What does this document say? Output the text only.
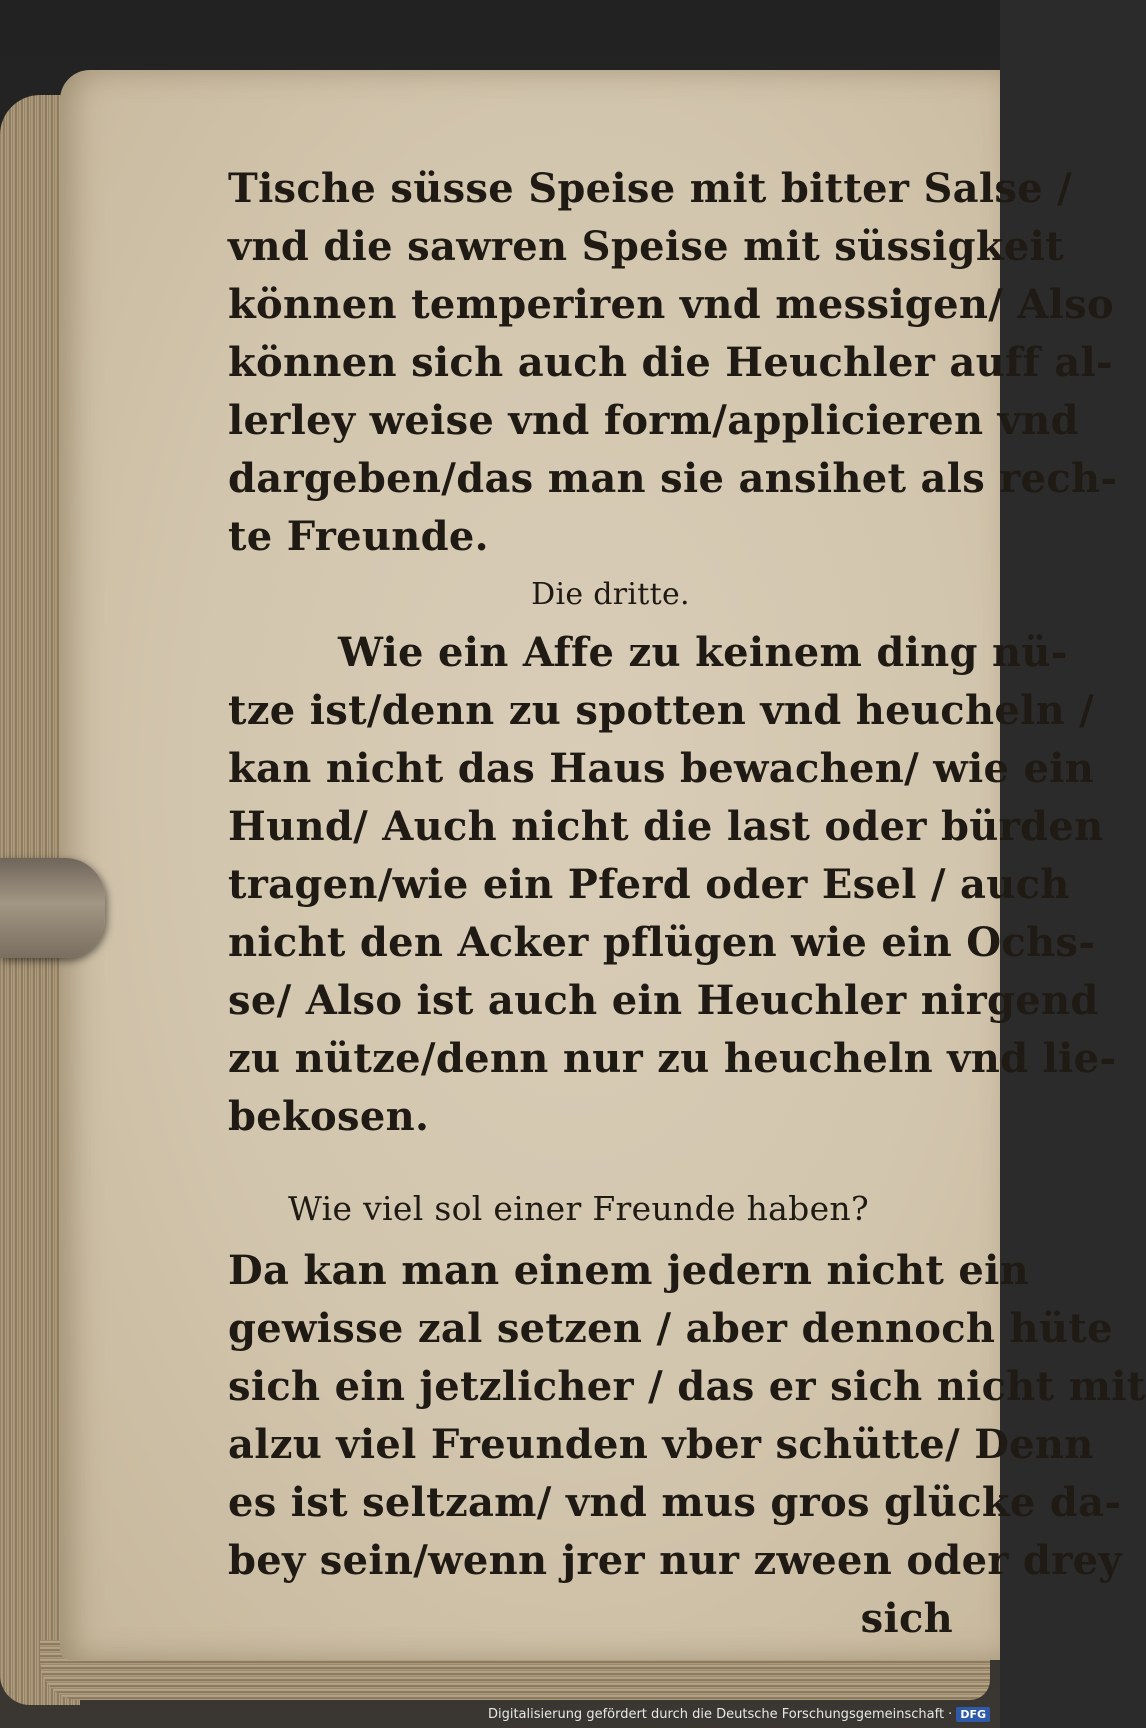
Tische süsse Speise mit bitter Salse /
vnd die sawren Speise mit süssigkeit
können temperiren vnd messigen/ Also
können sich auch die Heuchler auff al-
lerley weise vnd form/applicieren vnd
dargeben/das man sie ansihet als rech-
te Freunde.
Die dritte.
Wie ein Affe zu keinem ding nü-
tze ist/denn zu spotten vnd heucheln /
kan nicht das Haus bewachen/ wie ein
Hund/ Auch nicht die last oder bürden
tragen/wie ein Pferd oder Esel / auch
nicht den Acker pflügen wie ein Ochs-
se/ Also ist auch ein Heuchler nirgend
zu nütze/denn nur zu heucheln vnd lie-
bekosen.
Wie viel sol einer Freunde haben?
Da kan man einem jedern nicht ein
gewisse zal setzen / aber dennoch hüte
sich ein jetzlicher / das er sich nicht mit
alzu viel Freunden vber schütte/ Denn
es ist seltzam/ vnd mus gros glücke da-
bey sein/wenn jrer nur zween oder drey
sich
Digitalisierung gefördert durch die Deutsche Forschungsgemeinschaft · DFG
